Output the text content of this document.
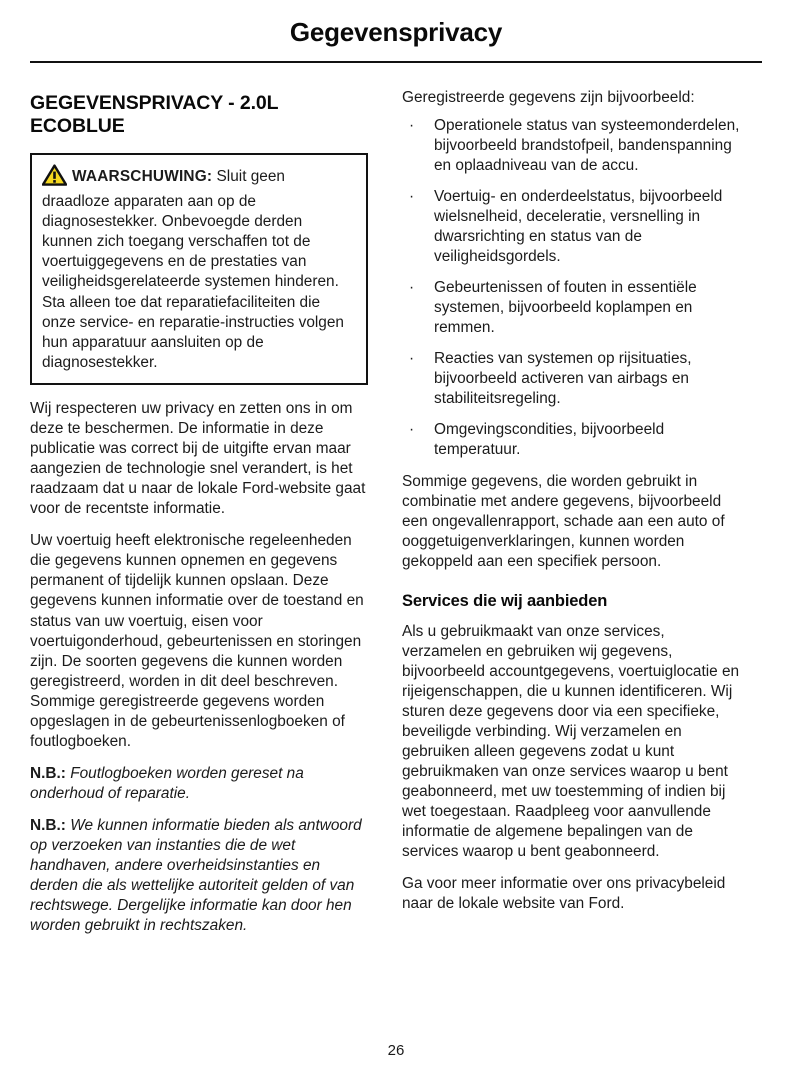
Gegevensprivacy
GEGEVENSPRIVACY - 2.0L ECOBLUE

WAARSCHUWING: Sluit geen draadloze apparaten aan op de diagnosestekker. Onbevoegde derden kunnen zich toegang verschaffen tot de voertuiggegevens en de prestaties van veiligheidsgerelateerde systemen hinderen. Sta alleen toe dat reparatiefaciliteiten die onze service- en reparatie-instructies volgen hun apparatuur aansluiten op de diagnosestekker.

Wij respecteren uw privacy en zetten ons in om deze te beschermen. De informatie in deze publicatie was correct bij de uitgifte ervan maar aangezien de technologie snel verandert, is het raadzaam dat u naar de lokale Ford-website gaat voor de recentste informatie.

Uw voertuig heeft elektronische regeleenheden die gegevens kunnen opnemen en gegevens permanent of tijdelijk kunnen opslaan. Deze gegevens kunnen informatie over de toestand en status van uw voertuig, eisen voor voertuigonderhoud, gebeurtenissen en storingen zijn. De soorten gegevens die kunnen worden geregistreerd, worden in dit deel beschreven. Sommige geregistreerde gegevens worden opgeslagen in de gebeurtenissenlogboeken of foutlogboeken.

N.B.: Foutlogboeken worden gereset na onderhoud of reparatie.

N.B.: We kunnen informatie bieden als antwoord op verzoeken van instanties die de wet handhaven, andere overheidsinstanties en derden die als wettelijke autoriteit gelden of van rechtswege. Dergelijke informatie kan door hen worden gebruikt in rechtszaken.

Geregistreerde gegevens zijn bijvoorbeeld:

· Operationele status van systeemonderdelen, bijvoorbeeld brandstofpeil, bandenspanning en oplaadniveau van de accu.
· Voertuig- en onderdeelstatus, bijvoorbeeld wielsnelheid, deceleratie, versnelling in dwarsrichting en status van de veiligheidsgordels.
· Gebeurtenissen of fouten in essentiële systemen, bijvoorbeeld koplampen en remmen.
· Reacties van systemen op rijsituaties, bijvoorbeeld activeren van airbags en stabiliteitsregeling.
· Omgevingscondities, bijvoorbeeld temperatuur.

Sommige gegevens, die worden gebruikt in combinatie met andere gegevens, bijvoorbeeld een ongevallenrapport, schade aan een auto of ooggetuigenverklaringen, kunnen worden gekoppeld aan een specifiek persoon.

Services die wij aanbieden

Als u gebruikmaakt van onze services, verzamelen en gebruiken wij gegevens, bijvoorbeeld accountgegevens, voertuiglocatie en rijeigenschappen, die u kunnen identificeren. Wij sturen deze gegevens door via een specifieke, beveiligde verbinding. Wij verzamelen en gebruiken alleen gegevens zodat u kunt gebruikmaken van onze services waarop u bent geabonneerd, met uw toestemming of indien bij wet toegestaan. Raadpleeg voor aanvullende informatie de algemene bepalingen van de services waarop u bent geabonneerd.

Ga voor meer informatie over ons privacybeleid naar de lokale website van Ford.

26
